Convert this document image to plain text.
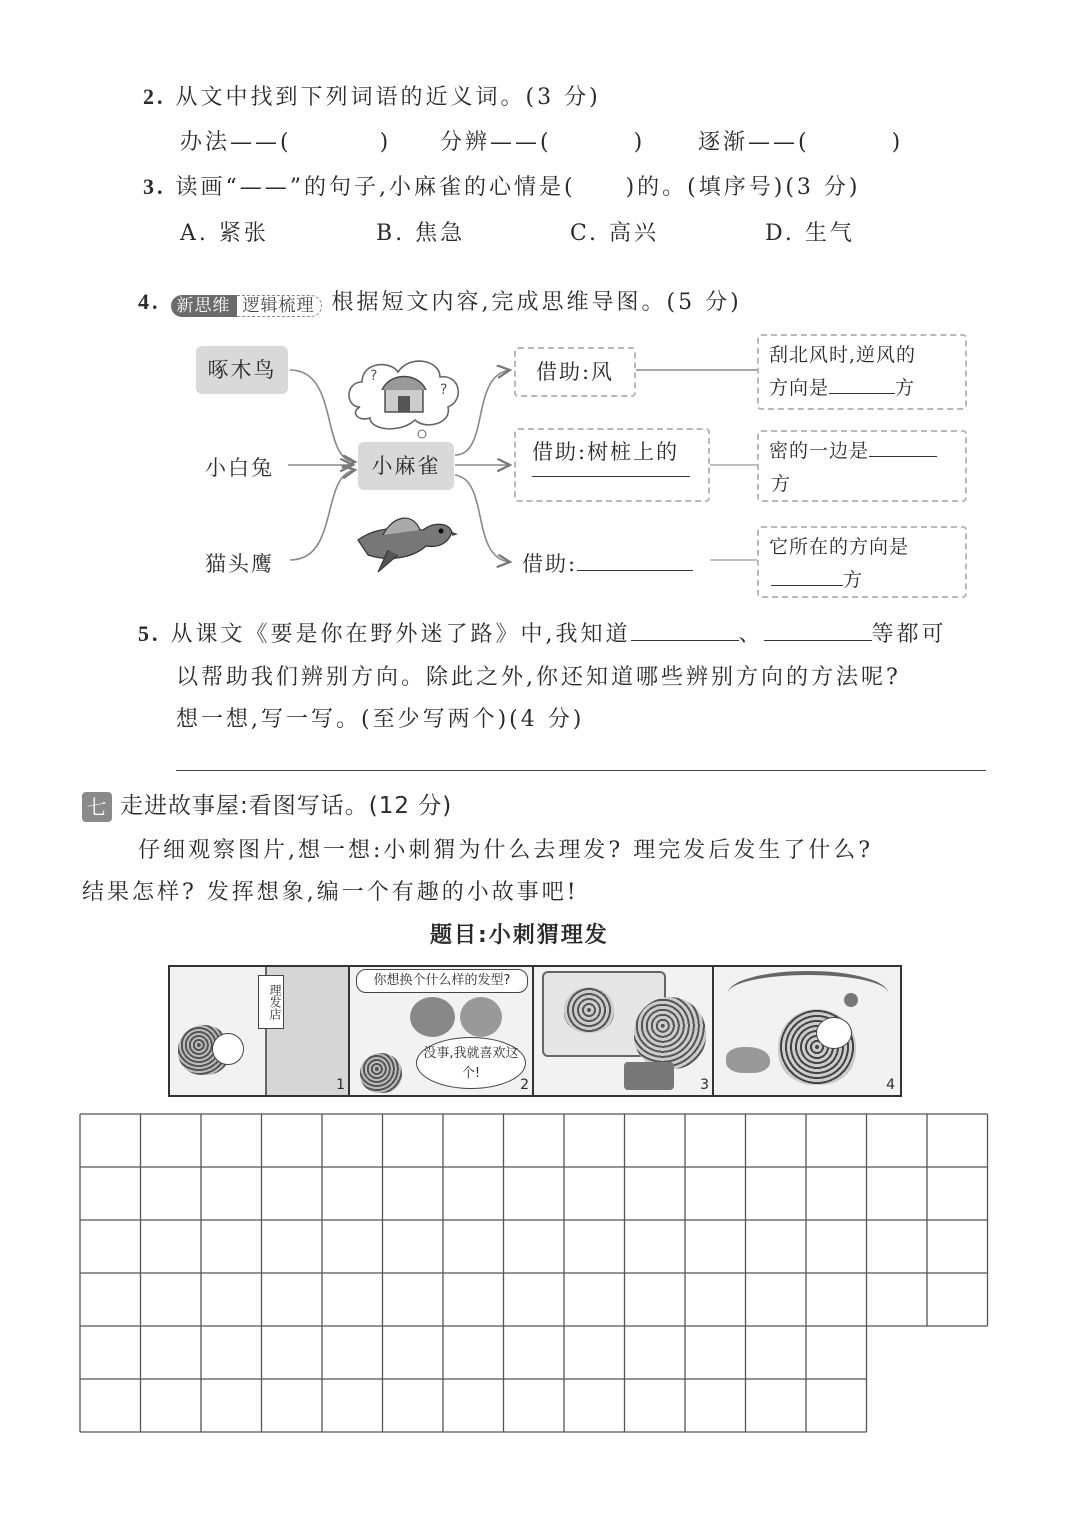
2. 从文中找到下列词语的近义词。(3 分)
办法——(	) 分辨——(	) 逐渐——(	)
3. 读画“——”的句子,小麻雀的心情是(　　)的。(填序号)(3 分)
A. 紧张	B. 焦急	C. 高兴	D. 生气
4. 新思维 逻辑梳理 根据短文内容,完成思维导图。(5 分)
啄木鸟
小白兔
猫头鹰
?
?
小麻雀
借助:风
借助:树桩上的
借助:
刮北风时,逆风的
方向是	方
密的一边是
方
它所在的方向是
方
5. 从课文《要是你在野外迷了路》中,我知道	、	等都可
以帮助我们辨别方向。除此之外,你还知道哪些辨别方向的方法呢?
想一想,写一写。(至少写两个)(4 分)
七 走进故事屋:看图写话。(12 分)
仔细观察图片,想一想:小刺猬为什么去理发? 理完发后发生了什么?
结果怎样? 发挥想象,编一个有趣的小故事吧!
题目:小刺猬理发
理发店
1
你想换个什么样的发型?
没事,我就喜欢这个!
2	3	4
